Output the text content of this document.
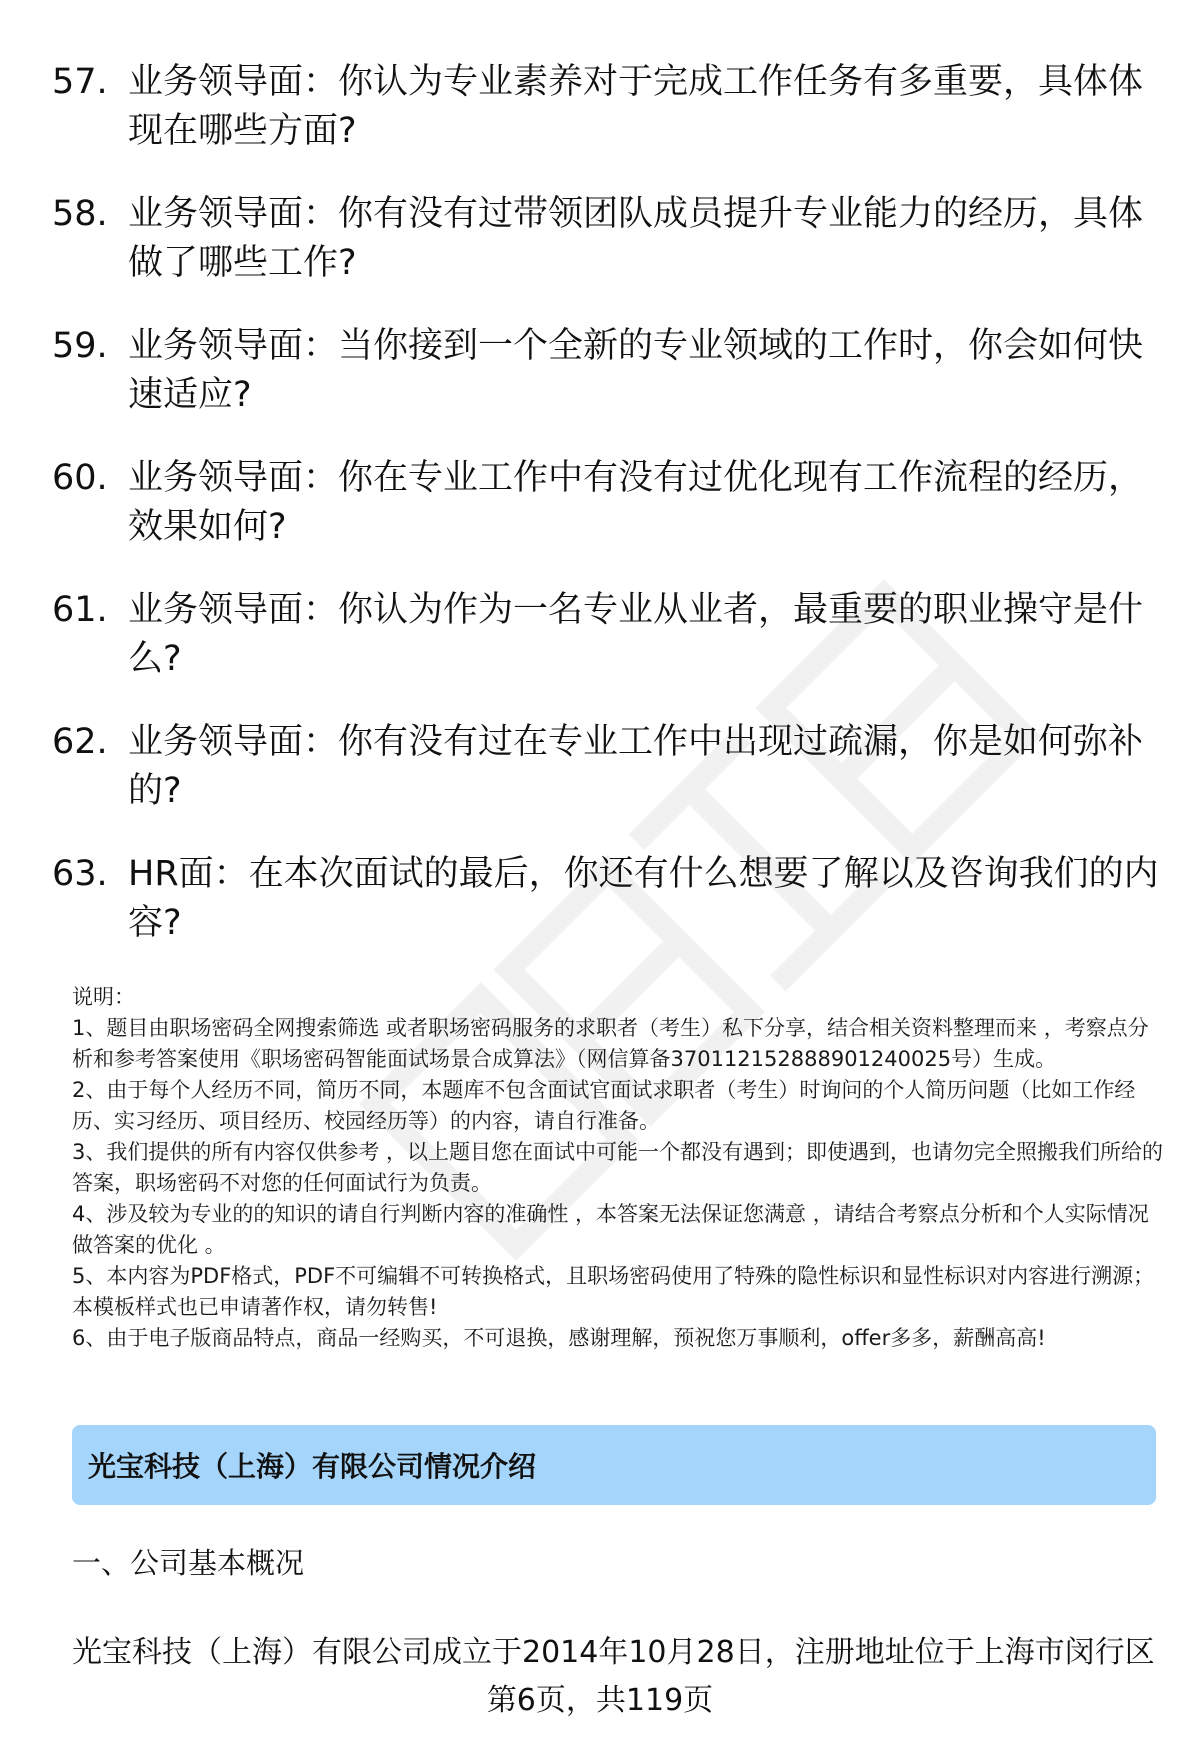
57. 业务领导面：你认为专业素养对于完成工作任务有多重要，具体体现在哪些方面?
58. 业务领导面：你有没有过带领团队成员提升专业能力的经历，具体做了哪些工作?
59. 业务领导面：当你接到一个全新的专业领域的工作时，你会如何快速适应?
60. 业务领导面：你在专业工作中有没有过优化现有工作流程的经历，效果如何?
61. 业务领导面：你认为作为一名专业从业者，最重要的职业操守是什么?
62. 业务领导面：你有没有过在专业工作中出现过疏漏，你是如何弥补的?
63. HR面：在本次面试的最后，你还有什么想要了解以及咨询我们的内容?

说明：

1、题目由职场密码全网搜索筛选 或者职场密码服务的求职者（考生）私下分享，结合相关资料整理而来 ，考察点分析和参考答案使用《职场密码智能面试场景合成算法》（网信算备370112152888901240025号）生成。

2、由于每个人经历不同，简历不同，本题库不包含面试官面试求职者（考生）时询问的个人简历问题（比如工作经历、实习经历、项目经历、校园经历等）的内容，请自行准备。

3、我们提供的所有内容仅供参考 ，以上题目您在面试中可能一个都没有遇到；即使遇到，也请勿完全照搬我们所给的答案，职场密码不对您的任何面试行为负责。

4、涉及较为专业的的知识的请自行判断内容的准确性 ，本答案无法保证您满意 ，请结合考察点分析和个人实际情况做答案的优化 。

5、本内容为PDF格式，PDF不可编辑不可转换格式，且职场密码使用了特殊的隐性标识和显性标识对内容进行溯源；本模板样式也已申请著作权，请勿转售!

6、由于电子版商品特点，商品一经购买，不可退换，感谢理解，预祝您万事顺利，offer多多，薪酬高高!

光宝科技（上海）有限公司情况介绍
一、公司基本概况
光宝科技（上海）有限公司成立于2014年10月28日，注册地址位于上海市闵行区
第6页，共119页
